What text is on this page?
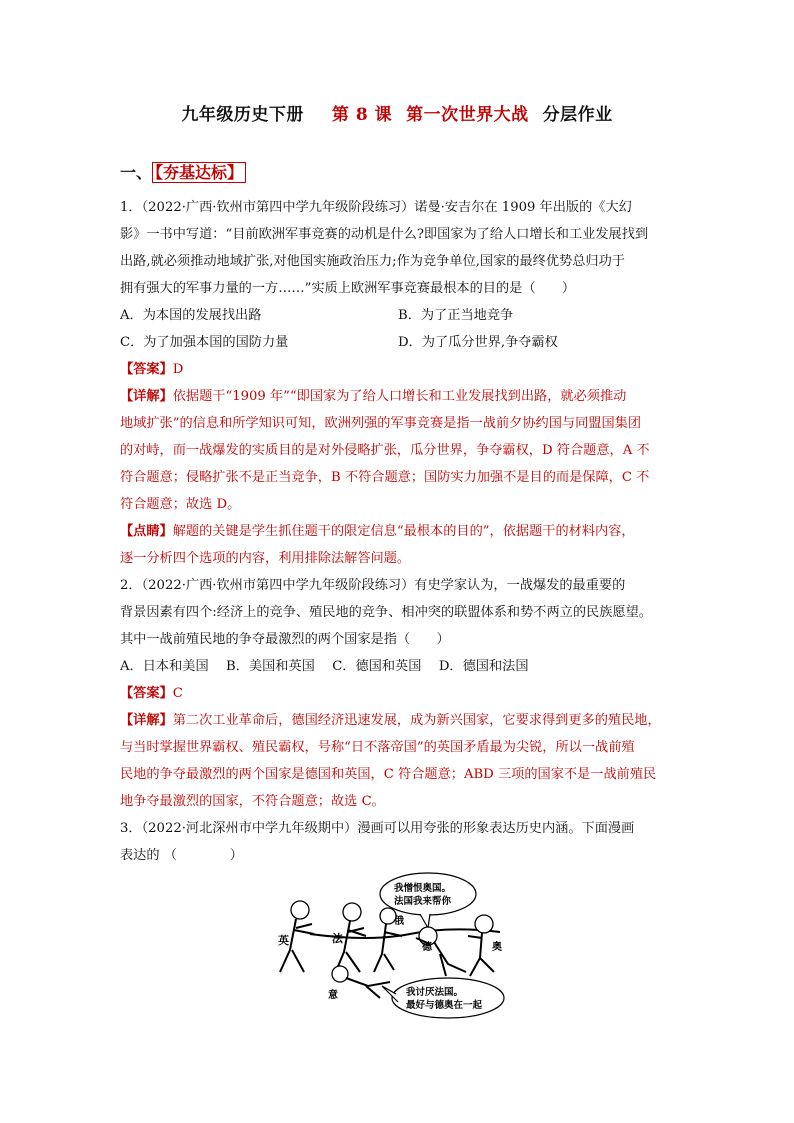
九年级历史下册 第 8 课 第一次世界大战 分层作业
一、 【夯基达标】
1．（2022·广西·钦州市第四中学九年级阶段练习）诺曼·安吉尔在 1909 年出版的《大幻
影》一书中写道：“目前欧洲军事竞赛的动机是什么?即国家为了给人口增长和工业发展找到
出路,就必须推动地域扩张,对他国实施政治压力;作为竞争单位,国家的最终优势总归功于
拥有强大的军事力量的一方……”实质上欧洲军事竞赛最根本的目的是（　　）
A．为本国的发展找出路	B．为了正当地竞争
C．为了加强本国的国防力量	D．为了瓜分世界,争夺霸权
【答案】D
【详解】依据题干“1909 年”“即国家为了给人口增长和工业发展找到出路，就必须推动
地域扩张”的信息和所学知识可知，欧洲列强的军事竞赛是指一战前夕协约国与同盟国集团
的对峙，而一战爆发的实质目的是对外侵略扩张，瓜分世界，争夺霸权，D 符合题意，A 不
符合题意；侵略扩张不是正当竞争，B 不符合题意；国防实力加强不是目的而是保障，C 不
符合题意；故选 D。
【点睛】解题的关键是学生抓住题干的限定信息“最根本的目的”，依据题干的材料内容，
逐一分析四个选项的内容，利用排除法解答问题。
2．（2022·广西·钦州市第四中学九年级阶段练习）有史学家认为，一战爆发的最重要的
背景因素有四个:经济上的竞争、殖民地的竞争、相冲突的联盟体系和势不两立的民族愿望。
其中一战前殖民地的争夺最激烈的两个国家是指（　　）
A．日本和美国　 B．美国和英国　 C．德国和英国　 D．德国和法国
【答案】C
【详解】第二次工业革命后，德国经济迅速发展，成为新兴国家，它要求得到更多的殖民地，
与当时掌握世界霸权、殖民霸权，号称“日不落帝国”的英国矛盾最为尖锐，所以一战前殖
民地的争夺最激烈的两个国家是德国和英国，C 符合题意；ABD 三项的国家不是一战前殖民
地争夺最激烈的国家，不符合题意；故选 C。
3．（2022·河北深州市中学九年级期中）漫画可以用夸张的形象表达历史内涵。下面漫画
表达的 （　　　　）
我憎恨奥国。
法国我来帮你
英	法
俄
德	奥
意	我讨厌法国。
最好与德奥在一起
